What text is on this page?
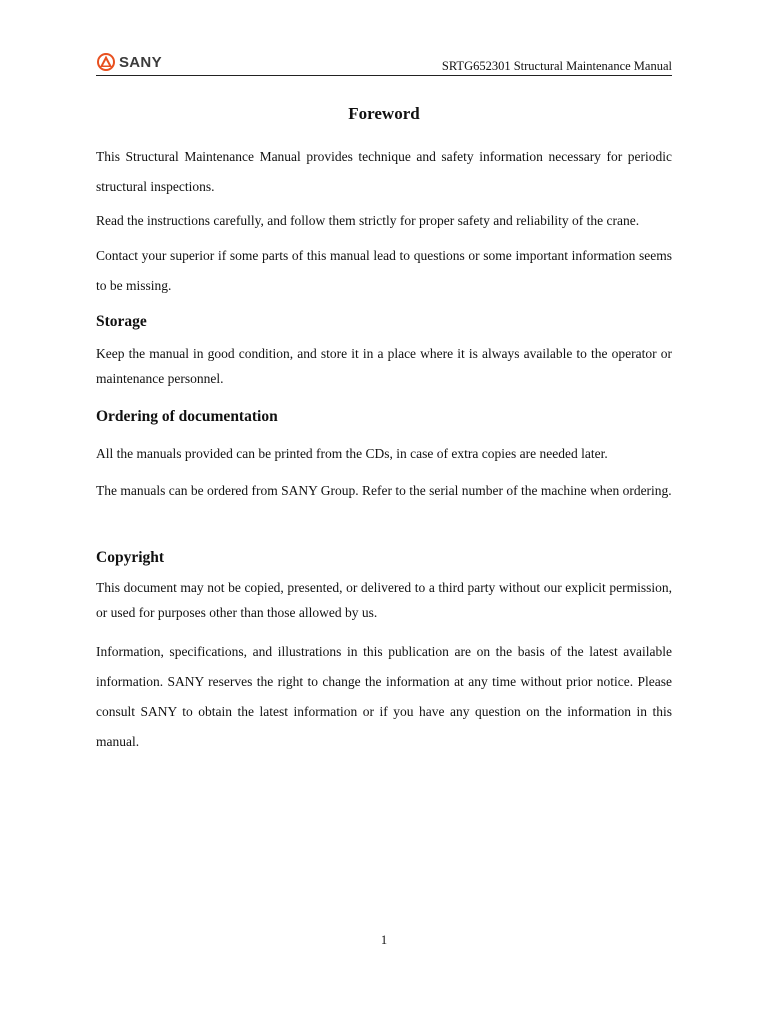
SANY	SRTG652301 Structural Maintenance Manual
Foreword

This Structural Maintenance Manual provides technique and safety information necessary for periodic structural inspections.

Read the instructions carefully, and follow them strictly for proper safety and reliability of the crane.

Contact your superior if some parts of this manual lead to questions or some important information seems to be missing.

Storage

Keep the manual in good condition, and store it in a place where it is always available to the operator or maintenance personnel.

Ordering of documentation

All the manuals provided can be printed from the CDs, in case of extra copies are needed later.

The manuals can be ordered from SANY Group. Refer to the serial number of the machine when ordering.

Copyright

This document may not be copied, presented, or delivered to a third party without our explicit permission, or used for purposes other than those allowed by us.

Information, specifications, and illustrations in this publication are on the basis of the latest available information. SANY reserves the right to change the information at any time without prior notice. Please consult SANY to obtain the latest information or if you have any question on the information in this manual.

1
